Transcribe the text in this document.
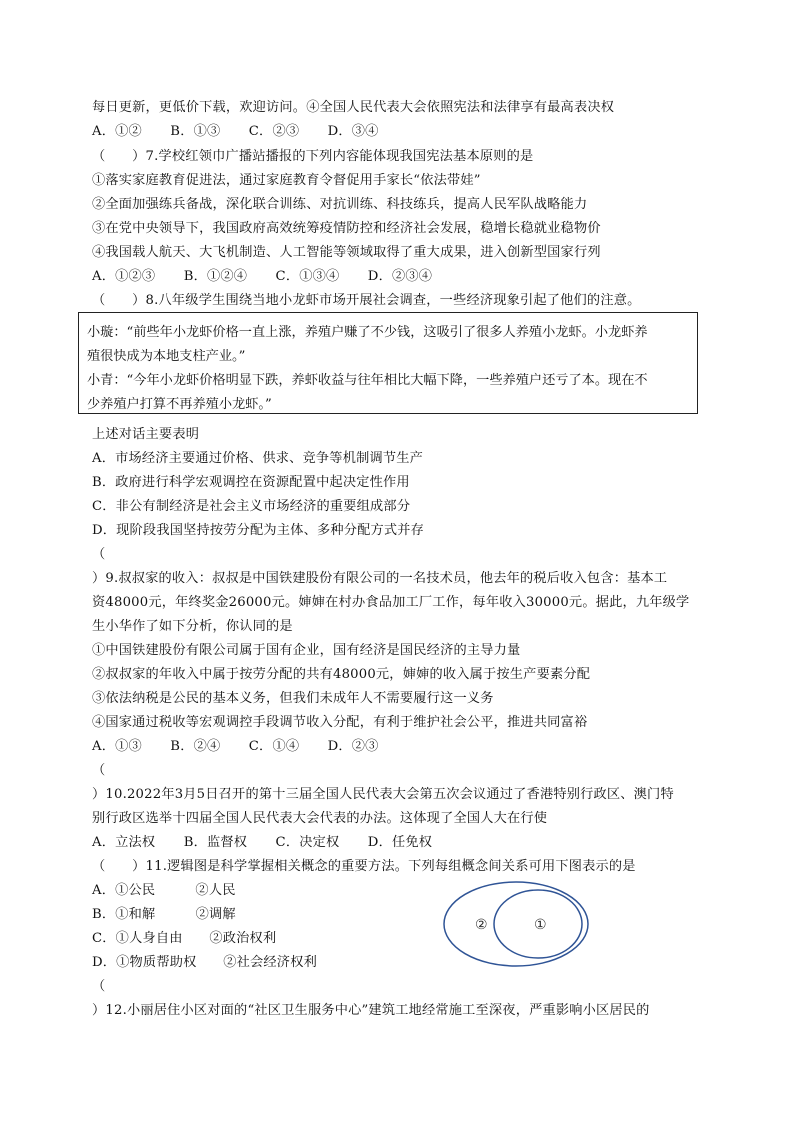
每日更新，更低价下载，欢迎访问。④全国人民代表大会依照宪法和法律享有最高表决权
A．①② B．①③ C．②③ D．③④
（　　）7.学校红领巾广播站播报的下列内容能体现我国宪法基本原则的是
①落实家庭教育促进法，通过家庭教育令督促用手家长“依法带娃”
②全面加强练兵备战，深化联合训练、对抗训练、科技练兵，提高人民军队战略能力
③在党中央领导下，我国政府高效统筹疫情防控和经济社会发展，稳增长稳就业稳物价
④我国载人航天、大飞机制造、人工智能等领域取得了重大成果，进入创新型国家行列
A．①②③ B．①②④ C．①③④ D．②③④
（　　）8.八年级学生围绕当地小龙虾市场开展社会调查，一些经济现象引起了他们的注意。
小璇：“前些年小龙虾价格一直上涨，养殖户赚了不少钱，这吸引了很多人养殖小龙虾。小龙虾养
殖很快成为本地支柱产业。”
小青：“今年小龙虾价格明显下跌，养虾收益与往年相比大幅下降，一些养殖户还亏了本。现在不
少养殖户打算不再养殖小龙虾。”
上述对话主要表明
A．市场经济主要通过价格、供求、竞争等机制调节生产
B．政府进行科学宏观调控在资源配置中起决定性作用
C．非公有制经济是社会主义市场经济的重要组成部分
D．现阶段我国坚持按劳分配为主体、多种分配方式并存
（
）9.叔叔家的收入：叔叔是中国铁建股份有限公司的一名技术员，他去年的税后收入包含：基本工
资48000元，年终奖金26000元。婶婶在村办食品加工厂工作，每年收入30000元。据此，九年级学
生小华作了如下分析，你认同的是
①中国铁建股份有限公司属于国有企业，国有经济是国民经济的主导力量
②叔叔家的年收入中属于按劳分配的共有48000元，婶婶的收入属于按生产要素分配
③依法纳税是公民的基本义务，但我们未成年人不需要履行这一义务
④国家通过税收等宏观调控手段调节收入分配，有利于维护社会公平，推进共同富裕
A．①③ B．②④ C．①④ D．②③
（
）10.2022年3月5日召开的第十三届全国人民代表大会第五次会议通过了香港特别行政区、澳门特
别行政区选举十四届全国人民代表大会代表的办法。这体现了全国人大在行使
A．立法权 B．监督权 C．决定权 D．任免权
（　　）11.逻辑图是科学掌握相关概念的重要方法。下列每组概念间关系可用下图表示的是
A．①公民　　　②人民
B．①和解　　　②调解
C．①人身自由　　②政治权利
D．①物质帮助权　　②社会经济权利
②	①
（
）12.小丽居住小区对面的“社区卫生服务中心”建筑工地经常施工至深夜，严重影响小区居民的
